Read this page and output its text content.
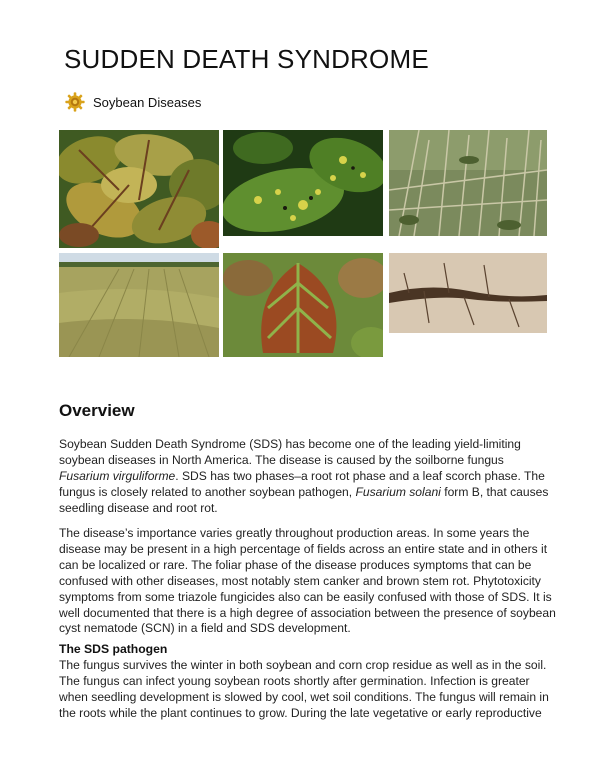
SUDDEN DEATH SYNDROME
Soybean Diseases
Overview
Soybean Sudden Death Syndrome (SDS) has become one of the leading yield-limiting
soybean diseases in North America. The disease is caused by the soilborne fungus
Fusarium virguliforme. SDS has two phases–a root rot phase and a leaf scorch phase. The
fungus is closely related to another soybean pathogen, Fusarium solani form B, that causes
seedling disease and root rot.
The disease’s importance varies greatly throughout production areas. In some years the
disease may be present in a high percentage of fields across an entire state and in others it
can be localized or rare. The foliar phase of the disease produces symptoms that can be
confused with other diseases, most notably stem canker and brown stem rot. Phytotoxicity
symptoms from some triazole fungicides also can be easily confused with those of SDS. It is
well documented that there is a high degree of association between the presence of soybean
cyst nematode (SCN) in a field and SDS development.
The SDS pathogen
The fungus survives the winter in both soybean and corn crop residue as well as in the soil.
The fungus can infect young soybean roots shortly after germination. Infection is greater
when seedling development is slowed by cool, wet soil conditions. The fungus will remain in
the roots while the plant continues to grow. During the late vegetative or early reproductive
